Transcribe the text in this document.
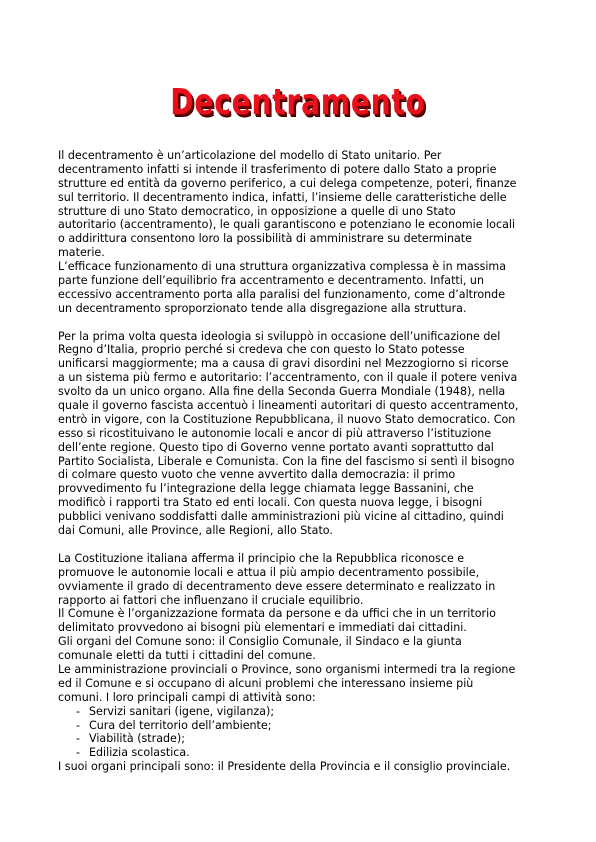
Decentramento
Il decentramento è un’articolazione del modello di Stato unitario. Per
decentramento infatti si intende il trasferimento di potere dallo Stato a proprie
strutture ed entità da governo periferico, a cui delega competenze, poteri, finanze
sul territorio. Il decentramento indica, infatti, l’insieme delle caratteristiche delle
strutture di uno Stato democratico, in opposizione a quelle di uno Stato
autoritario (accentramento), le quali garantiscono e potenziano le economie locali
o addirittura consentono loro la possibilità di amministrare su determinate
materie.
L’efficace funzionamento di una struttura organizzativa complessa è in massima
parte funzione dell’equilibrio fra accentramento e decentramento. Infatti, un
eccessivo accentramento porta alla paralisi del funzionamento, come d’altronde
un decentramento sproporzionato tende alla disgregazione alla struttura.
Per la prima volta questa ideologia si sviluppò in occasione dell’unificazione del
Regno d’Italia, proprio perché si credeva che con questo lo Stato potesse
unificarsi maggiormente; ma a causa di gravi disordini nel Mezzogiorno si ricorse
a un sistema più fermo e autoritario: l’accentramento, con il quale il potere veniva
svolto da un unico organo. Alla fine della Seconda Guerra Mondiale (1948), nella
quale il governo fascista accentuò i lineamenti autoritari di questo accentramento,
entrò in vigore, con la Costituzione Repubblicana, il nuovo Stato democratico. Con
esso si ricostituivano le autonomie locali e ancor di più attraverso l’istituzione
dell’ente regione. Questo tipo di Governo venne portato avanti soprattutto dal
Partito Socialista, Liberale e Comunista. Con la fine del fascismo si sentì il bisogno
di colmare questo vuoto che venne avvertito dalla democrazia: il primo
provvedimento fu l’integrazione della legge chiamata legge Bassanini, che
modificò i rapporti tra Stato ed enti locali. Con questa nuova legge, i bisogni
pubblici venivano soddisfatti dalle amministrazioni più vicine al cittadino, quindi
dai Comuni, alle Province, alle Regioni, allo Stato.
La Costituzione italiana afferma il principio che la Repubblica riconosce e
promuove le autonomie locali e attua il più ampio decentramento possibile,
ovviamente il grado di decentramento deve essere determinato e realizzato in
rapporto ai fattori che influenzano il cruciale equilibrio.
Il Comune è l’organizzazione formata da persone e da uffici che in un territorio
delimitato provvedono ai bisogni più elementari e immediati dai cittadini.
Gli organi del Comune sono: il Consiglio Comunale, il Sindaco e la giunta
comunale eletti da tutti i cittadini del comune.
Le amministrazione provinciali o Province, sono organismi intermedi tra la regione
ed il Comune e si occupano di alcuni problemi che interessano insieme più
comuni. I loro principali campi di attività sono:
- Servizi sanitari (igene, vigilanza);
- Cura del territorio dell’ambiente;
- Viabilità (strade);
- Edilizia scolastica.
I suoi organi principali sono: il Presidente della Provincia e il consiglio provinciale.
